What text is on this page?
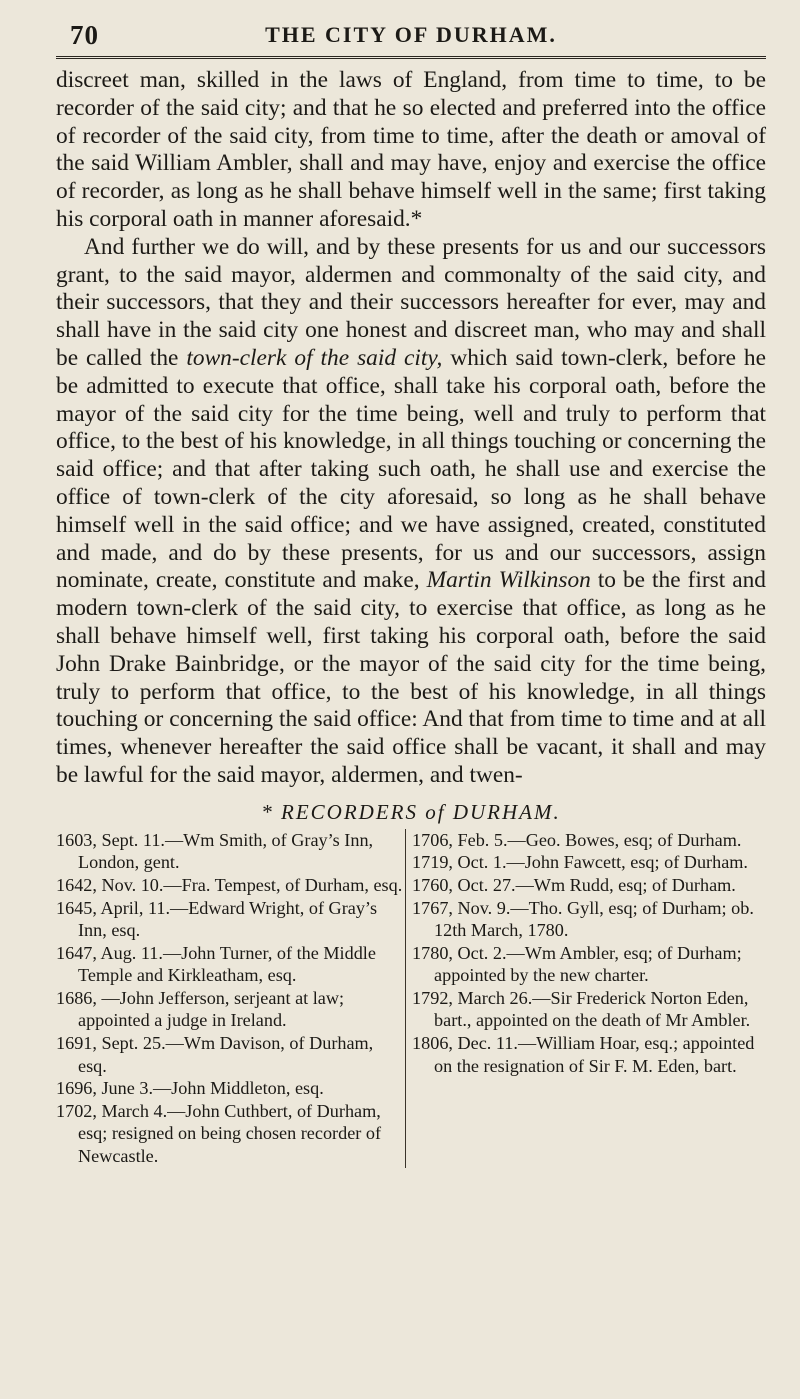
70	THE CITY OF DURHAM.

discreet man, skilled in the laws of England, from time to time, to be recorder of the said city; and that he so elected and preferred into the office of recorder of the said city, from time to time, after the death or amoval of the said William Ambler, shall and may have, enjoy and exercise the office of recorder, as long as he shall behave himself well in the same; first taking his corporal oath in manner aforesaid.*

And further we do will, and by these presents for us and our successors grant, to the said mayor, aldermen and commonalty of the said city, and their successors, that they and their successors hereafter for ever, may and shall have in the said city one honest and discreet man, who may and shall be called the town-clerk of the said city, which said town-clerk, before he be admitted to execute that office, shall take his corporal oath, before the mayor of the said city for the time being, well and truly to perform that office, to the best of his knowledge, in all things touching or concerning the said office; and that after taking such oath, he shall use and exercise the office of town-clerk of the city aforesaid, so long as he shall behave himself well in the said office; and we have assigned, created, constituted and made, and do by these presents, for us and our successors, assign nominate, create, constitute and make, Martin Wilkinson to be the first and modern town-clerk of the said city, to exercise that office, as long as he shall behave himself well, first taking his corporal oath, before the said John Drake Bainbridge, or the mayor of the said city for the time being, truly to perform that office, to the best of his knowledge, in all things touching or concerning the said office: And that from time to time and at all times, whenever hereafter the said office shall be vacant, it shall and may be lawful for the said mayor, aldermen, and twen-

* RECORDERS of DURHAM.

1603, Sept. 11.—Wm Smith, of Gray’s Inn, London, gent.

1642, Nov. 10.—Fra. Tempest, of Durham, esq.

1645, April, 11.—Edward Wright, of Gray’s Inn, esq.

1647, Aug. 11.—John Turner, of the Middle Temple and Kirkleatham, esq.

1686, —John Jefferson, serjeant at law; appointed a judge in Ireland.

1691, Sept. 25.—Wm Davison, of Durham, esq.

1696, June 3.—John Middleton, esq.

1702, March 4.—John Cuthbert, of Durham, esq; resigned on being chosen recorder of Newcastle.

1706, Feb. 5.—Geo. Bowes, esq; of Durham.

1719, Oct. 1.—John Fawcett, esq; of Durham.

1760, Oct. 27.—Wm Rudd, esq; of Durham.

1767, Nov. 9.—Tho. Gyll, esq; of Durham; ob. 12th March, 1780.

1780, Oct. 2.—Wm Ambler, esq; of Durham; appointed by the new charter.

1792, March 26.—Sir Frederick Norton Eden, bart., appointed on the death of Mr Ambler.

1806, Dec. 11.—William Hoar, esq.; appointed on the resignation of Sir F. M. Eden, bart.
